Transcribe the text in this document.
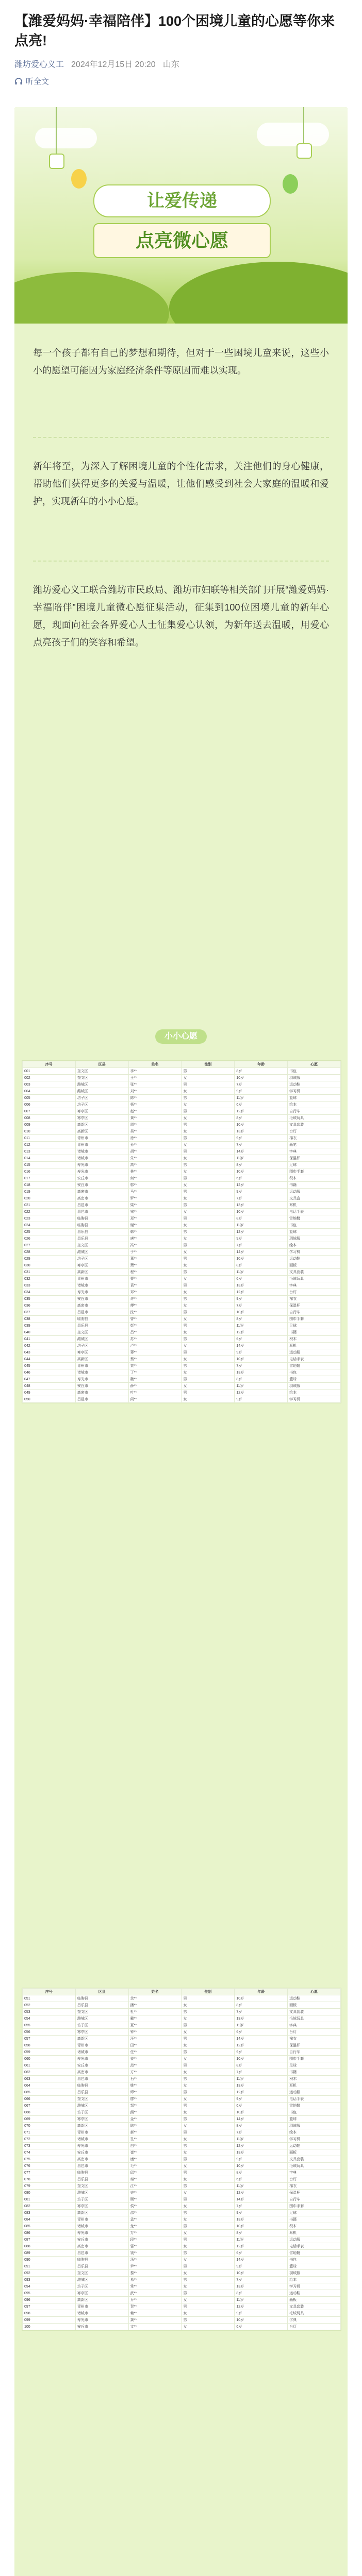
【潍爱妈妈·幸福陪伴】100个困境儿童的心愿等你来点亮!
潍坊爱心义工 2024年12月15日 20:20 山东
听全文
让爱传递
点亮微心愿

每一个孩子都有自己的梦想和期待，但对于一些困境儿童来说，这些小小的愿望可能因为家庭经济条件等原因而难以实现。

新年将至，为深入了解困境儿童的个性化需求，关注他们的身心健康，帮助他们获得更多的关爱与温暖，让他们感受到社会大家庭的温暖和爱护，实现新年的小小心愿。

潍坊爱心义工联合潍坊市民政局、潍坊市妇联等相关部门开展“潍爱妈妈·幸福陪伴”困境儿童微心愿征集活动，征集到100位困境儿童的新年心愿，现面向社会各界爱心人士征集爱心认领，为新年送去温暖，用爱心点亮孩子们的笑容和希望。

小小心愿
序号	区县	姓名	性别	年龄	心愿
001	奎文区	李**	男	8岁	书包
002	奎文区	王**	女	10岁	羽绒服
003	潍城区	张**	男	7岁	运动鞋
004	潍城区	刘**	女	9岁	学习机
005	坊子区	陈**	男	11岁	篮球
006	坊子区	杨**	女	6岁	绘本
007	寒亭区	赵**	男	12岁	自行车
008	寒亭区	黄**	女	8岁	毛绒玩具
009	高新区	周**	男	10岁	文具套装
010	高新区	吴**	女	13岁	台灯
011	青州市	徐**	男	9岁	棉衣
012	青州市	孙**	女	7岁	画笔
013	诸城市	胡**	男	14岁	字典
014	诸城市	朱**	女	11岁	保温杯
015	寿光市	高**	男	8岁	足球
016	寿光市	林**	女	10岁	围巾手套
017	安丘市	何**	男	6岁	积木
018	安丘市	郭**	女	12岁	书籍
019	高密市	马**	男	9岁	运动服
020	高密市	罗**	女	7岁	文具盒
021	昌邑市	梁**	男	13岁	耳机
022	昌邑市	宋**	女	10岁	电话手表
023	临朐县	郑**	男	8岁	雪地靴
024	临朐县	谢**	女	11岁	书包
025	昌乐县	韩**	男	12岁	篮球
026	昌乐县	唐**	女	9岁	羽绒服
027	奎文区	冯**	男	7岁	绘本
028	潍城区	于**	女	14岁	学习机
029	坊子区	董**	男	10岁	运动鞋
030	寒亭区	萧**	女	8岁	画板
031	高新区	程**	男	11岁	文具套装
032	青州市	曹**	女	6岁	毛绒玩具
033	诸城市	袁**	男	13岁	字典
034	寿光市	邓**	女	12岁	台灯
035	安丘市	许**	男	9岁	棉衣
036	高密市	傅**	女	7岁	保温杯
037	昌邑市	沈**	男	10岁	自行车
038	临朐县	曾**	女	8岁	围巾手套
039	昌乐县	彭**	男	11岁	足球
040	奎文区	吕**	女	12岁	书籍
041	潍城区	苏**	男	6岁	积木
042	坊子区	卢**	女	14岁	耳机
043	寒亭区	蒋**	男	9岁	运动服
044	高新区	蔡**	女	10岁	电话手表
045	青州市	贾**	男	7岁	雪地靴
046	诸城市	丁**	女	13岁	书包
047	寿光市	魏**	男	8岁	篮球
048	安丘市	薛**	女	11岁	羽绒服
049	高密市	叶**	男	12岁	绘本
050	昌邑市	阎**	女	9岁	学习机
序号	区县	姓名	性别	年龄	心愿
051	临朐县	余**	男	10岁	运动鞋
052	昌乐县	潘**	女	8岁	画板
053	奎文区	杜**	男	7岁	文具套装
054	潍城区	戴**	女	13岁	毛绒玩具
055	坊子区	夏**	男	11岁	字典
056	寒亭区	钟**	女	6岁	台灯
057	高新区	汪**	男	14岁	棉衣
058	青州市	田**	女	12岁	保温杯
059	诸城市	任**	男	9岁	自行车
060	寿光市	姜**	女	10岁	围巾手套
061	安丘市	范**	男	8岁	足球
062	高密市	方**	女	7岁	书籍
063	昌邑市	石**	男	11岁	积木
064	临朐县	姚**	女	13岁	耳机
065	昌乐县	谭**	男	12岁	运动服
066	奎文区	廖**	女	9岁	电话手表
067	潍城区	邹**	男	6岁	雪地靴
068	坊子区	熊**	女	10岁	书包
069	寒亭区	金**	男	14岁	篮球
070	高新区	陆**	女	8岁	羽绒服
071	青州市	郝**	男	7岁	绘本
072	诸城市	孔**	女	11岁	学习机
073	寿光市	白**	男	12岁	运动鞋
074	安丘市	崔**	女	13岁	画板
075	高密市	康**	男	9岁	文具套装
076	昌邑市	毛**	女	10岁	毛绒玩具
077	临朐县	邱**	男	8岁	字典
078	昌乐县	秦**	女	6岁	台灯
079	奎文区	江**	男	11岁	棉衣
080	潍城区	史**	女	12岁	保温杯
081	坊子区	顾**	男	14岁	自行车
082	寒亭区	侯**	女	7岁	围巾手套
083	高新区	邵**	男	9岁	足球
084	青州市	孟**	女	13岁	书籍
085	诸城市	龙**	男	10岁	积木
086	寿光市	万**	女	8岁	耳机
087	安丘市	段**	男	11岁	运动服
088	高密市	雷**	女	12岁	电话手表
089	昌邑市	钱**	男	6岁	雪地靴
090	临朐县	汤**	女	14岁	书包
091	昌乐县	尹**	男	9岁	篮球
092	奎文区	黎**	女	10岁	羽绒服
093	潍城区	易**	男	7岁	绘本
094	坊子区	常**	女	13岁	学习机
095	寒亭区	武**	男	8岁	运动鞋
096	高新区	乔**	女	11岁	画板
097	青州市	贺**	男	12岁	文具套装
098	诸城市	赖**	女	9岁	毛绒玩具
099	寿光市	龚**	男	10岁	字典
100	安丘市	文**	女	6岁	台灯
